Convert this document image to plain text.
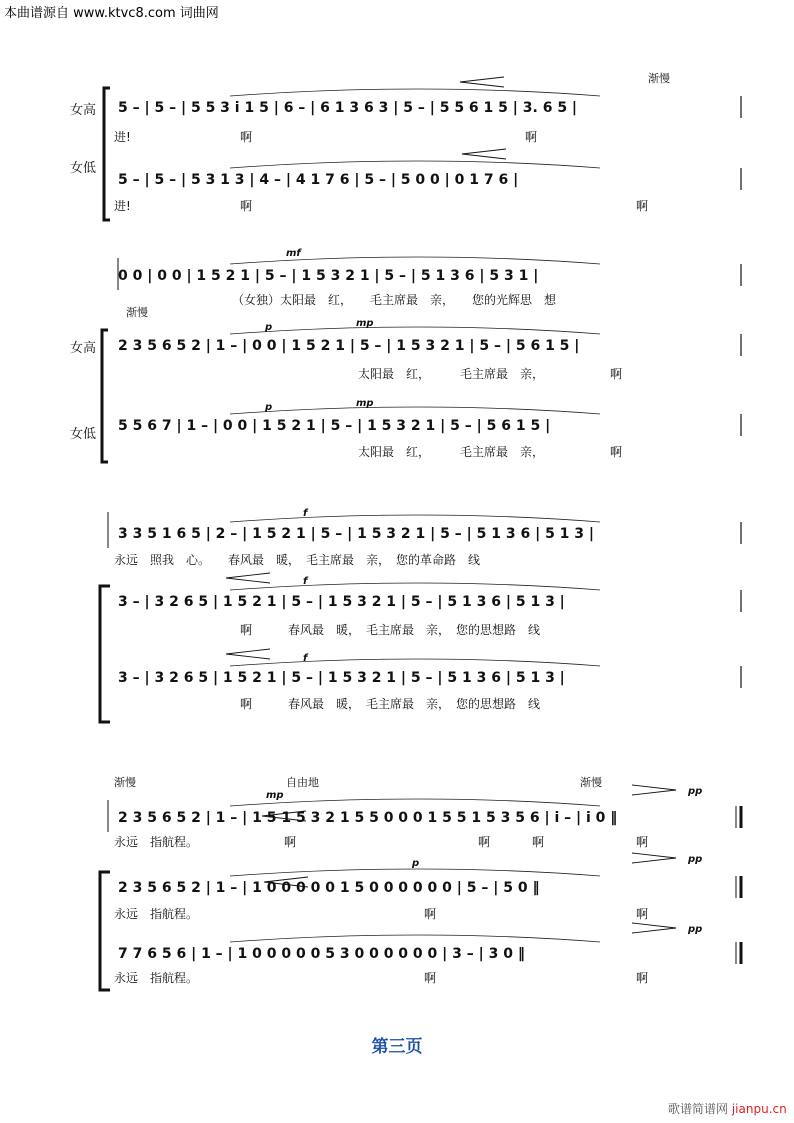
本曲谱源自 www.ktvc8.com 词曲网
女高 5 – | 5 – | 5 5 3 i 1 5 | 6 – | 6 1 3 6 3 | 5 – | 5 5 6 1 5 | 3. 6 5 |
进!	啊	啊
女低
5 – | 5 – | 5 3 1 3 | 4 – | 4 1 7 6 | 5 – | 5 0 0 | 0 1 7 6 |
进!	啊	啊
渐慢
0 0 | 0 0 | 1 5 2 1 | 5 – | 1 5 3 2 1 | 5 – | 5 1 3 6 | 5 3 1 |
（女独）太阳最　红，　　毛主席最　亲，　　您的光辉思　想
女高 2 3 5 6 5 2 | 1 – | 0 0 | 1 5 2 1 | 5 – | 1 5 3 2 1 | 5 – | 5 6 1 5 |
太阳最　红，　　　毛主席最　亲，　　　　　　啊
女低
5 5 6 7 | 1 – | 0 0 | 1 5 2 1 | 5 – | 1 5 3 2 1 | 5 – | 5 6 1 5 |
太阳最　红，　　　毛主席最　亲，　　　　　　啊
mf
渐慢
p	mp
p	mp
3 3 5 1 6 5 | 2 – | 1 5 2 1 | 5 – | 1 5 3 2 1 | 5 – | 5 1 3 6 | 5 1 3 |
永远　照我　心。　　春风最　暖，　毛主席最　亲，　您的革命路　线
3 – | 3 2 6 5 | 1 5 2 1 | 5 – | 1 5 3 2 1 | 5 – | 5 1 3 6 | 5 1 3 |
啊　　　春风最　暖，　毛主席最　亲，　您的思想路　线
3 – | 3 2 6 5 | 1 5 2 1 | 5 – | 1 5 3 2 1 | 5 – | 5 1 3 6 | 5 1 3 |
啊　　　春风最　暖，　毛主席最　亲，　您的思想路　线
f
f
f
2 3 5 6 5 2 | 1 – | 1 5 1 5 3 2 1 5 5 0 0 0 1 5 5 1 5 3 5 6 | i – | i 0 ‖
永远　指航程。	啊	啊	啊	啊
2 3 5 6 5 2 | 1 – | 1 0 0 0 0 0 1 5 0 0 0 0 0 0 | 5 – | 5 0 ‖
永远　指航程。	啊	啊
7 7 6 5 6 | 1 – | 1 0 0 0 0 0 5 3 0 0 0 0 0 0 | 3 – | 3 0 ‖
永远　指航程。	啊	啊
渐慢	自由地	渐慢
mp	pp
p	pp
pp
第三页
歌谱简谱网 jianpu.cn
